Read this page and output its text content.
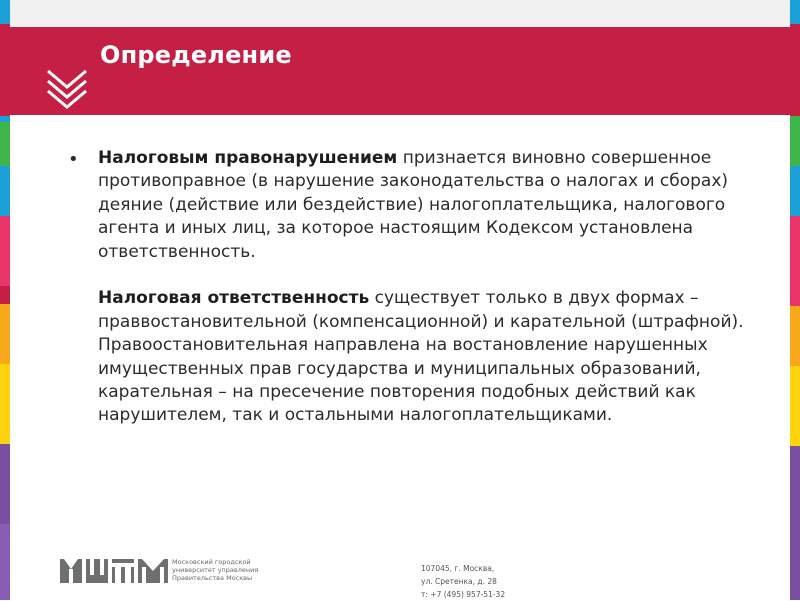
Определение
• Налоговым правонарушением признается виновно совершенное противоправное (в нарушение законодательства о налогах и сборах) деяние (действие или бездействие) налогоплательщика, налогового агента и иных лиц, за которое настоящим Кодексом установлена ответственность.

Налоговая ответственность существует только в двух формах – праввостановительной (компенсационной) и карательной (штрафной). Правоостановительная направлена на востановление нарушенных имущественных прав государства и муниципальных образований, карательная – на пресечение повторения подобных действий как нарушителем, так и остальными налогоплательщиками.

Московский городской
университет управления
Правительства Москвы
107045, г. Москва,
ул. Сретенка, д. 28
т: +7 (495) 957-51-32
